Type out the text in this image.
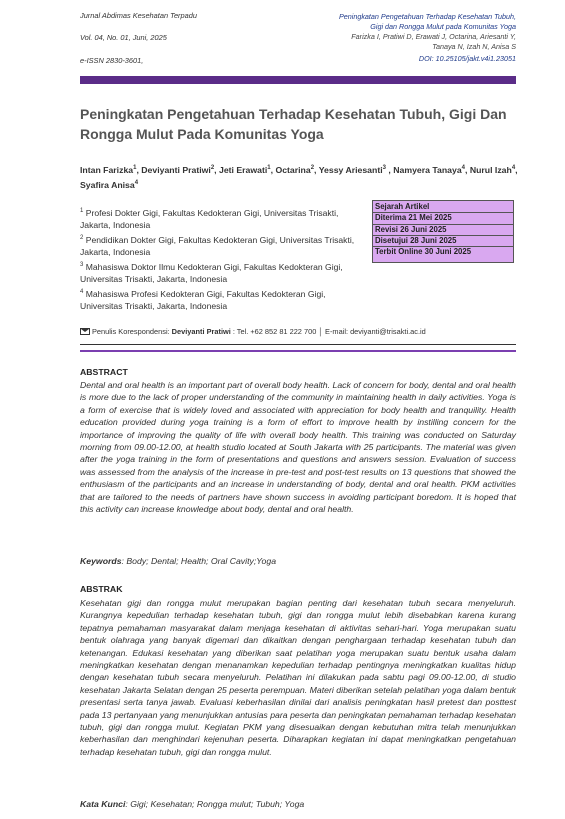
Jurnal Abdimas Kesehatan Terpadu
Vol. 04, No. 01, Juni, 2025
e-ISSN 2830-3601,
Peningkatan Pengetahuan Terhadap Kesehatan Tubuh,
Gigi dan Rongga Mulut pada Komunitas Yoga
Farizka I, Pratiwi D, Erawati J, Octarina, Ariesanti Y,
Tanaya N, Izah N, Anisa S
DOI: 10.25105/jakt.v4i1.23051
Peningkatan Pengetahuan Terhadap Kesehatan Tubuh, Gigi Dan Rongga Mulut Pada Komunitas Yoga
Intan Farizka$^1$, Deviyanti Pratiwi$^2$, Jeti Erawati$^1$, Octarina$^2$, Yessy Ariesanti$^3$ , Namyera Tanaya$^4$, Nurul Izah$^4$, Syafira Anisa$^4$

$^1$ Profesi Dokter Gigi, Fakultas Kedokteran Gigi, Universitas Trisakti, Jakarta, Indonesia

$^2$ Pendidikan Dokter Gigi, Fakultas Kedokteran Gigi, Universitas Trisakti, Jakarta, Indonesia

$^3$ Mahasiswa Doktor Ilmu Kedokteran Gigi, Fakultas Kedokteran Gigi, Universitas Trisakti, Jakarta, Indonesia

$^4$ Mahasiswa Profesi Kedokteran Gigi, Fakultas Kedokteran Gigi, Universitas Trisakti, Jakarta, Indonesia

Sejarah Artikel
Diterima 21 Mei 2025
Revisi 26 Juni 2025
Disetujui 28 Juni 2025
Terbit Online 30 Juni 2025
Penulis Korespondensi: Deviyanti Pratiwi : Tel. +62 852 81 222 700 │ E-mail: deviyanti@trisakti.ac.id
ABSTRACT
Dental and oral health is an important part of overall body health. Lack of concern for body, dental and oral health is more due to the lack of proper understanding of the community in maintaining health in daily activities. Yoga is a form of exercise that is widely loved and associated with appreciation for body health and tranquility. Health education provided during yoga training is a form of effort to improve health by instilling concern for the importance of improving the quality of life with overall body health. This training was conducted on Saturday morning from 09.00-12.00, at health studio located at South Jakarta with 25 participants. The material was given after the yoga training in the form of presentations and questions and answers session. Evaluation of success was assessed from the analysis of the increase in pre-test and post-test results on 13 questions that showed the enthusiasm of the participants and an increase in understanding of body, dental and oral health. PKM activities that are tailored to the needs of partners have shown success in avoiding participant boredom. It is hoped that this activity can increase knowledge about body, dental and oral health.
Keywords: Body; Dental; Health; Oral Cavity;Yoga
ABSTRAK
Kesehatan gigi dan rongga mulut merupakan bagian penting dari kesehatan tubuh secara menyeluruh. Kurangnya kepedulian terhadap kesehatan tubuh, gigi dan rongga mulut lebih disebabkan karena kurang tepatnya pemahaman masyarakat dalam menjaga kesehatan di aktivitas sehari-hari. Yoga merupakan suatu bentuk olahraga yang banyak digemari dan dikaitkan dengan penghargaan terhadap kesehatan tubuh dan ketenangan. Edukasi kesehatan yang diberikan saat pelatihan yoga merupakan suatu bentuk usaha dalam meningkatkan kesehatan dengan menanamkan kepedulian terhadap pentingnya meningkatkan kualitas hidup dengan kesehatan tubuh secara menyeluruh. Pelatihan ini dilakukan pada sabtu pagi 09.00-12.00, di studio kesehatan Jakarta Selatan dengan 25 peserta perempuan. Materi diberikan setelah pelatihan yoga dalam bentuk presentasi serta tanya jawab. Evaluasi keberhasilan dinilai dari analisis peningkatan hasil pretest dan posttest pada 13 pertanyaan yang menunjukkan antusias para peserta dan peningkatan pemahaman terhadap kesehatan tubuh, gigi dan rongga mulut. Kegiatan PKM yang disesuaikan dengan kebutuhan mitra telah menunjukkan keberhasilan dan menghindari kejenuhan peserta. Diharapkan kegiatan ini dapat meningkatkan pengetahuan terhadap kesehatan tubuh, gigi dan rongga mulut.
Kata Kunci: Gigi; Kesehatan; Rongga mulut; Tubuh; Yoga
